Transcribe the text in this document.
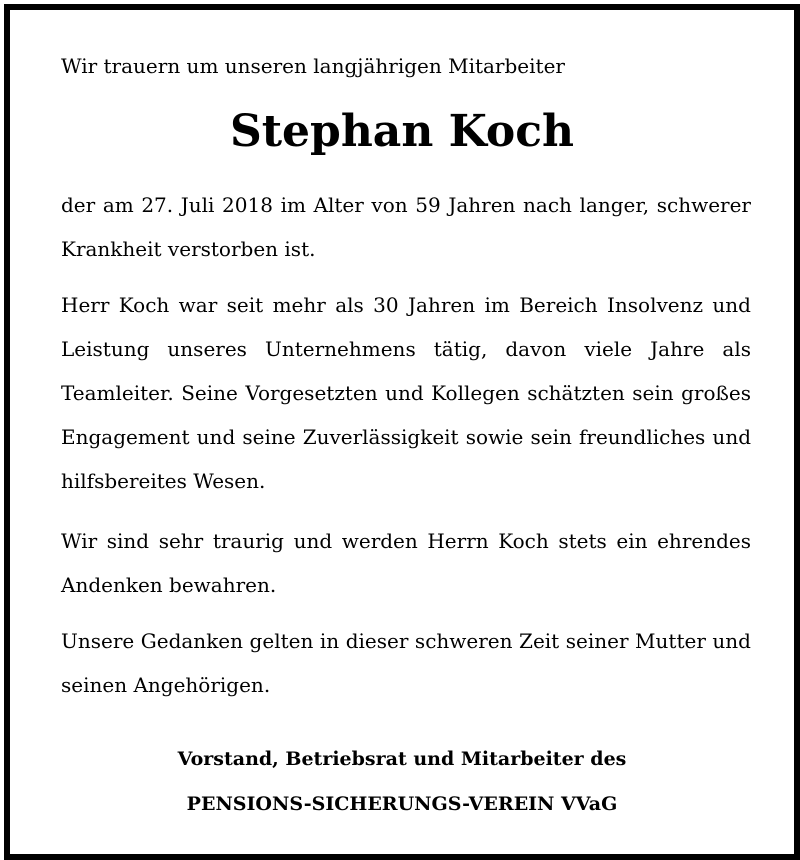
Wir trauern um unseren langjährigen Mitarbeiter
Stephan Koch

der am 27. Juli 2018 im Alter von 59 Jahren nach langer, schwerer Krankheit verstorben ist.

Herr Koch war seit mehr als 30 Jahren im Bereich Insolvenz und Leistung unseres Unternehmens tätig, davon viele Jahre als Teamleiter. Seine Vorgesetzten und Kollegen schätzten sein großes Engagement und seine Zuverlässigkeit sowie sein freundliches und hilfsbereites Wesen.

Wir sind sehr traurig und werden Herrn Koch stets ein ehrendes Andenken bewahren.

Unsere Gedanken gelten in dieser schweren Zeit seiner Mutter und seinen Angehörigen.

Vorstand, Betriebsrat und Mitarbeiter des
PENSIONS-SICHERUNGS-VEREIN VVaG
